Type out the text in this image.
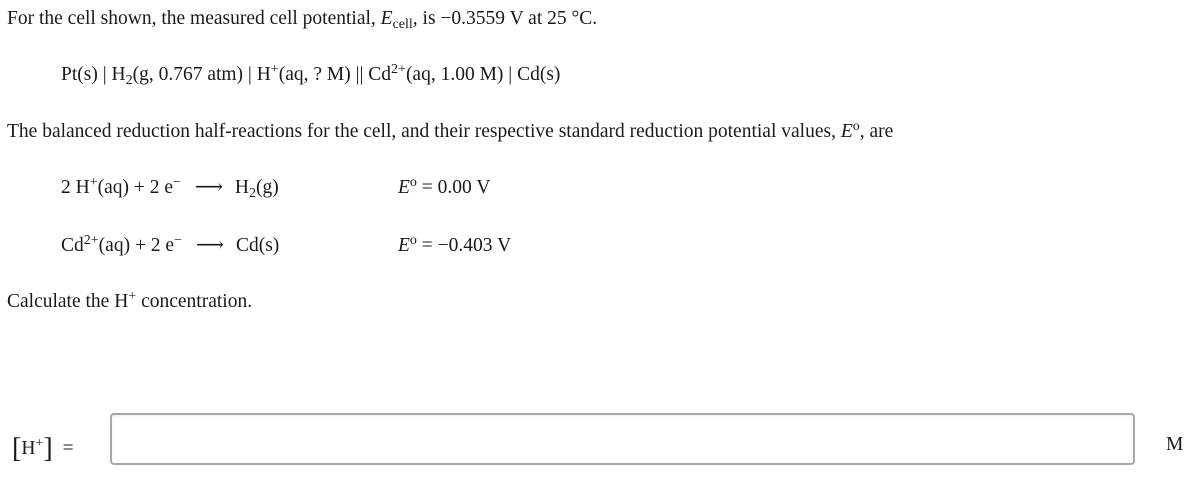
For the cell shown, the measured cell potential, $E_{cell}$, is −0.3559 V at 25 °C.
Pt(s) | $H_2(g$, 0.767 atm) | H+(aq, ? M) || $Cd^{2+}(aq$, 1.00 M) | Cd(s)
The balanced reduction half-reactions for the cell, and their respective standard reduction potential values, $E^o$, are
2 H+(aq) + 2 e− ⟶ $H_2(g)$	$E^o = 0.00$ V
$Cd^{2+}(aq) + 2$ e− ⟶ Cd(s)	$E^o = -0.403$ V
Calculate the H+ concentration.
[H+] =	M
